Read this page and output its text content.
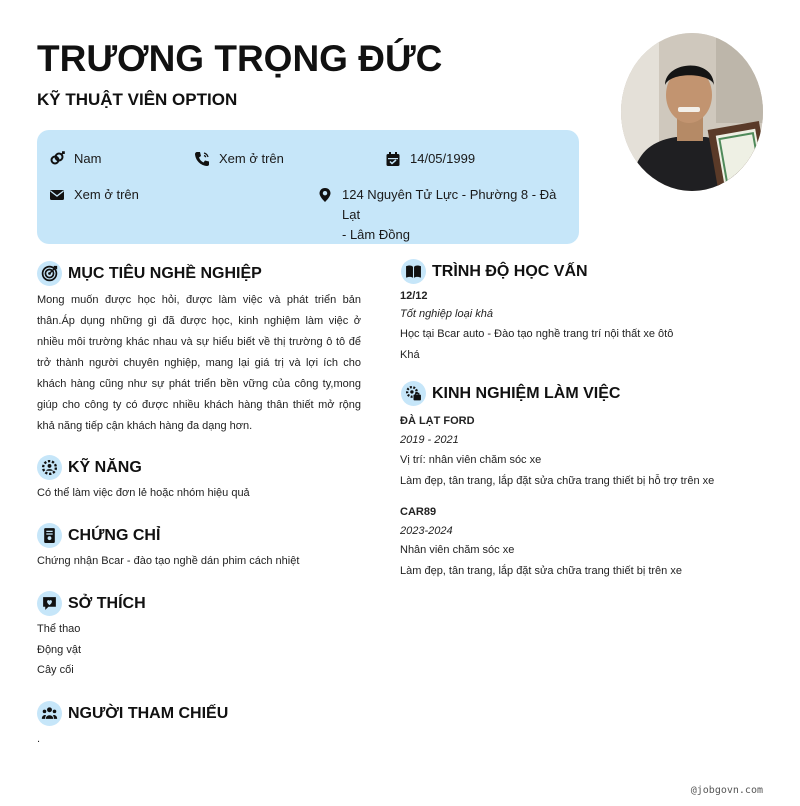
TRƯƠNG TRỌNG ĐỨC
KỸ THUẬT VIÊN OPTION
Nam	Xem ở trên	14/05/1999
Xem ở trên	124 Nguyên Tử Lực - Phường 8 - Đà Lạt
- Lâm Đồng
MỤC TIÊU NGHỀ NGHIỆP
Mong muốn được học hỏi, được làm việc và phát triển bản thân.Áp dụng những gì đã được học, kinh nghiệm làm việc ở nhiều môi trường khác nhau và sự hiểu biết về thị trường ô tô để trở thành người chuyên nghiệp, mang lại giá trị và lợi ích cho khách hàng cũng như sự phát triển bền vững của công ty,mong giúp cho công ty có được nhiều khách hàng thân thiết mở rộng khả năng tiếp cận khách hàng đa dạng hơn.
KỸ NĂNG
Có thể làm việc đơn lẻ hoặc nhóm hiệu quả
CHỨNG CHỈ
Chứng nhận Bcar - đào tạo nghề dán phim cách nhiệt
SỞ THÍCH
Thể thao
Động vật
Cây cối
NGƯỜI THAM CHIẾU
.
TRÌNH ĐỘ HỌC VẤN
12/12
Tốt nghiệp loại khá
Học tại Bcar auto - Đào tạo nghề trang trí nội thất xe ôtô
Khá
KINH NGHIỆM LÀM VIỆC
ĐÀ LẠT FORD
2019 - 2021
Vị trí: nhân viên chăm sóc xe
Làm đẹp, tân trang, lắp đặt sửa chữa trang thiết bị hỗ trợ trên xe
CAR89
2023-2024
Nhân viên chăm sóc xe
Làm đẹp, tân trang, lắp đặt sửa chữa trang thiết bị trên xe
@jobgovn.com
